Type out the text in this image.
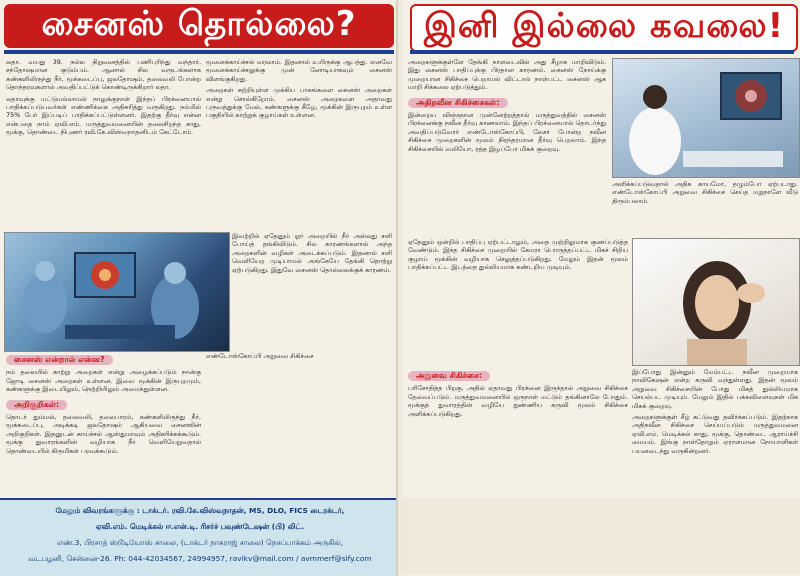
சைனஸ் தொல்லை?

லதா. வயது 39. நல்ல நிறுவனத்தில் பணிபுரிந்து வந்தார். சந்தோஷமான குடும்பம். ஆனால் சில வருடங்களாக கண்களிலிருந்து நீர், மூக்கடைப்பு, ஜலதோஷம், தலைவலி போன்ற தொந்தரவுகளால் அவதிப்பட்டுக் கொண்டிருக்கிறார் லதா.

லதாவுக்கு மட்டுமல்லாமல் நாலுக்குநாள் இந்தப் பிரச்னையால் பாதிக்கப்படுபவர்கள் எண்ணிக்கை அதிகரித்து வருகிறது. நம்மில் 75% பேர் இப்படிப் பாதிக்கப்பட்டுள்ளனர். இதற்கு தீர்வு என்ன என்பதை நாம் ஏவி.எம். மருத்துவமனையின் தலைசிறந்த காது, மூக்கு, தொண்டை நிபுணர் ரவி.கே.விஸ்வநாதனிடம் கேட்டோம்.

மூளைக்காய்ச்சல் வரலாம். இதனால் உயிருக்கு ஆபத்து. எனவே மூளைக்காய்ச்சலுக்கு முன் னோடியாகவும் சைனஸ் விளங்குகிறது.

அறைகள் சுற்றியுள்ள முக்கிய பாகங்களை சைனஸ் அறைகள் என்று சொல்கிறோம். சைனஸ் அறைகளை அதாவது புருவத்துக்கு மேல், கண்களுக்கு கீழே, மூக்கின் இருபுறம் உள்ள பகுதியில் காற்றுக் குழாய்கள் உள்ளன.

இவற்றில் ஏதேனும் ஓர் அறையில் நீர் அல்லது சளி போய்த் தங்கிவிடும். சில காரணங்களால் அந்த அறைகளின் வழிகள் அடைக்கப்படும். இதனால் சளி வெளியேற முடியாமல் அங்கேயே தேங்கி தொற்று ஏற்படுகிறது. இதுவே சைனஸ் தொல்லைக்குக் காரணம்.

சைனஸ் என்றால் என்ன?

நம் தலையில் காற்று அறைகள் என்று அழைக்கப்படும் நான்கு ஜோடி சைனஸ் அறைகள் உள்ளன. இவை மூக்கின் இருபுறமும், கண்களுக்கு இடையிலும், நெற்றியிலும் அமைந்துள்ளன.

அறிகுறிகள்:

தொடர் தும்மல், தலைவலி, தலைபாரம், கண்களிலிருந்து நீர், மூக்கடைப்பு, அடிக்கடி ஜலதோஷம் ஆகியவை சைனஸின் அறிகுறிகள். இதனுடன் காய்ச்சல் ஆஸ்துமாவும் அதிகரிக்கக்கூடும். மூக்கு துவாரங்களின் வழியாக நீர் வெளியேறுவதால் தொண்டையில் கிருமிகள் பரவக்கூடும்.

எண்டோஸ்கோப்பி அறுவை சிகிச்சை

மேலும் விவரங்களுக்கு : டாக்டர். ரவி.கே.விஸ்வநாதன், MS, DLO, FICS டைரக்டர்,
ஏவி.எம். மெடிக்கல் ஈ.என்.டி. ரிசர்ச் பவுண்டேஷன் (பி) லிட்.
எண்.3, பிரசாத் ஸ்டூடியோஸ் சாலை, (டாக்டர் நாகராஜ் சாலை) நெசப்பாக்கம் அருகில்,
வடபழனி, சென்னை-26. Ph: 044-42034567, 24994957, ravikv@mail.com / avmmerf@sify.com
இனி இல்லை கவலை!

அறைகளுக்குள்ளே தேங்கி நாளடைவில் அது சீழாக மாறிவிடும். இது சைனஸ் பாதிப்புக்கு பிரதான காரணம். சைனஸ் நோய்க்கு முறையான சிகிச்சை பெறாமல் விட்டால் நாள்பட்ட சைனஸ் ஆக மாறி சிக்கலை ஏற்படுத்தும்.

அதிநவீன சிகிச்சைகள்:

இன்றைய விஞ்ஞான முன்னேற்றத்தால் மருத்துவத்தில் சைனஸ் பிரச்னைக்கு நவீன தீர்வு காணலாம். இந்தப் பிரச்னையால் தொடர்ந்து அவதிப்படுவோர் எண்டோஸ்கோப்பி, லேசர் போன்ற நவீன சிகிச்சை முறைகளின் மூலம் நிரந்தரமான தீர்வு பெறலாம். இந்த சிகிச்சையில் வலியோ, ரத்த இழப்போ மிகக் குறைவு.

அளிக்கப்படுவதால் அதிக காயமோ, தழும்போ ஏற்படாது. எண்டோஸ்கோப்பி அறுவை சிகிச்சை செய்த மறுநாளே வீடு திரும்பலாம்.

ஏதேனும் ஒன்றில் பாதிப்பு ஏற்பட்டாலும், அதை முற்றிலுமாக குணப்படுத்த வேண்டும். இந்த சிகிச்சை முறையில் கேமரா பொருத்தப்பட்ட மிகச் சிறிய குழாய் மூக்கின் வழியாக செலுத்தப்படுகிறது. மேலும் இதன் மூலம் பாதிக்கப்பட்ட இடத்தை துல்லியமாக கண்டறிய முடியும்.

அறுவை சிகிச்சை:

பரிசோதித்த பிறகு, அதில் ஏதாவது பிரச்னை இருந்தால் அறுவை சிகிச்சை தேவைப்படும். மருத்துவமனையில் ஒருநாள் மட்டும் தங்கினாலே போதும். மூக்குத் துவாரத்தின் வழியே நுண்ணிய கருவி மூலம் சிகிச்சை அளிக்கப்படுகிறது.

இப்போது இன்னும் மேம்பட்ட நவீன முறையாக நாவிகேஷன் என்ற கருவி வந்துள்ளது. இதன் மூலம் அறுவை சிகிச்சையின் போது மிகத் துல்லியமாக செயல்பட முடியும். மேலும் இதில் பக்கவிளைவுகள் மிக மிகக் குறைவு.

அறைகளுக்குள் சீழ் கட்டுவது தவிர்க்கப்படும். இதற்காக அதிநவீன சிகிச்சை செய்யப்படும் மருத்துவமனை ஏவி.எம். மெடிக்கல் காது, மூக்கு, தொண்டை ஆராய்ச்சி மையம். இங்கு நாள்தோறும் ஏராளமான நோயாளிகள் பயனடைந்து வருகின்றனர்.
